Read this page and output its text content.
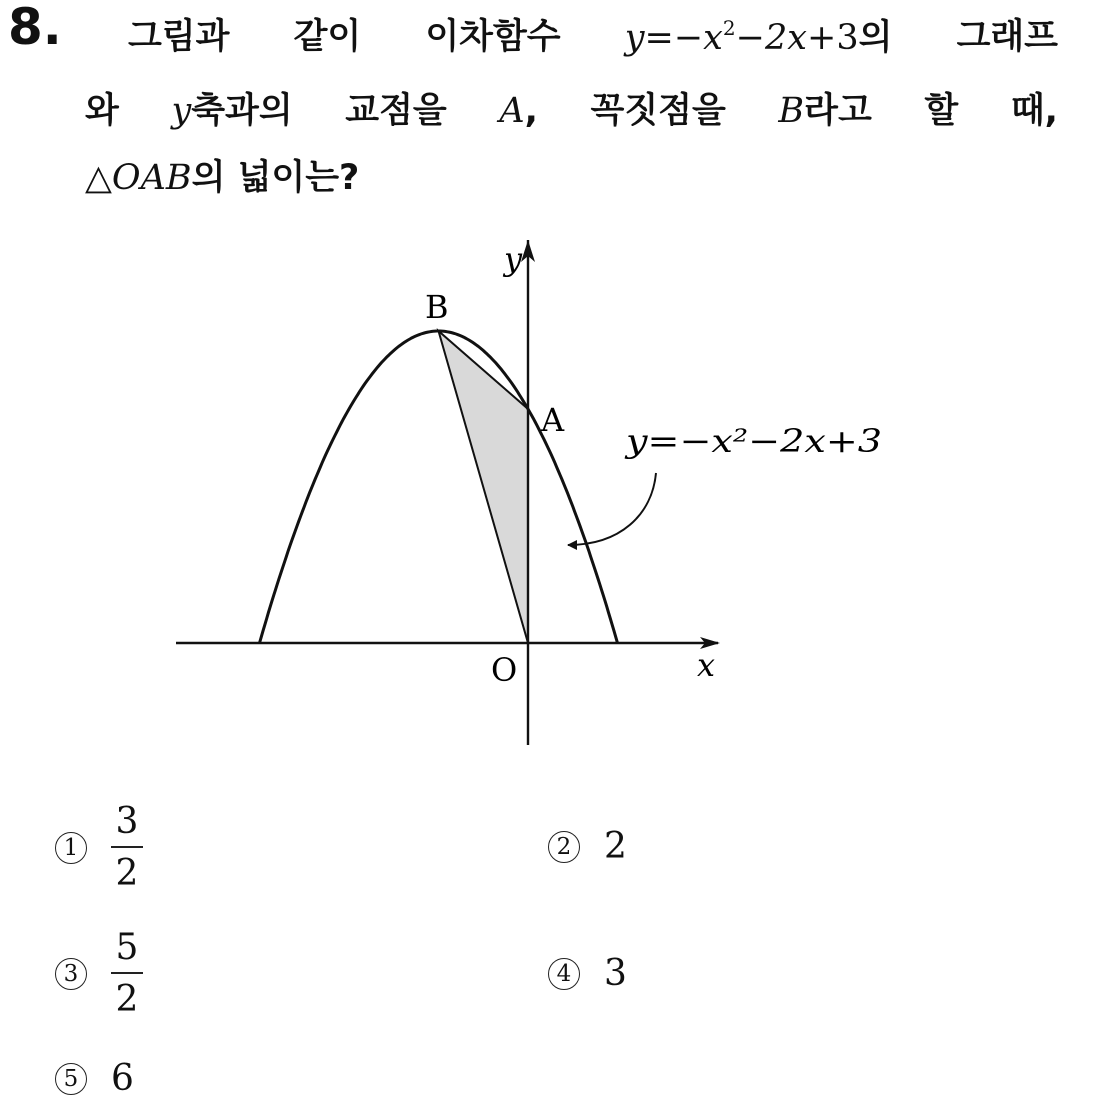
8. 그림과 같이 이차함수 $y=-x^2-2x+3$의 그래프
와 y축과의 교점을 A, 꼭짓점을 B라고 할 때,
△OAB의 넓이는?
y
x
O
A
B
y=−x²−2x+3
$1 \frac{3}{2}$	2 2
$3 \frac{5}{2}$	4 3
5 6
